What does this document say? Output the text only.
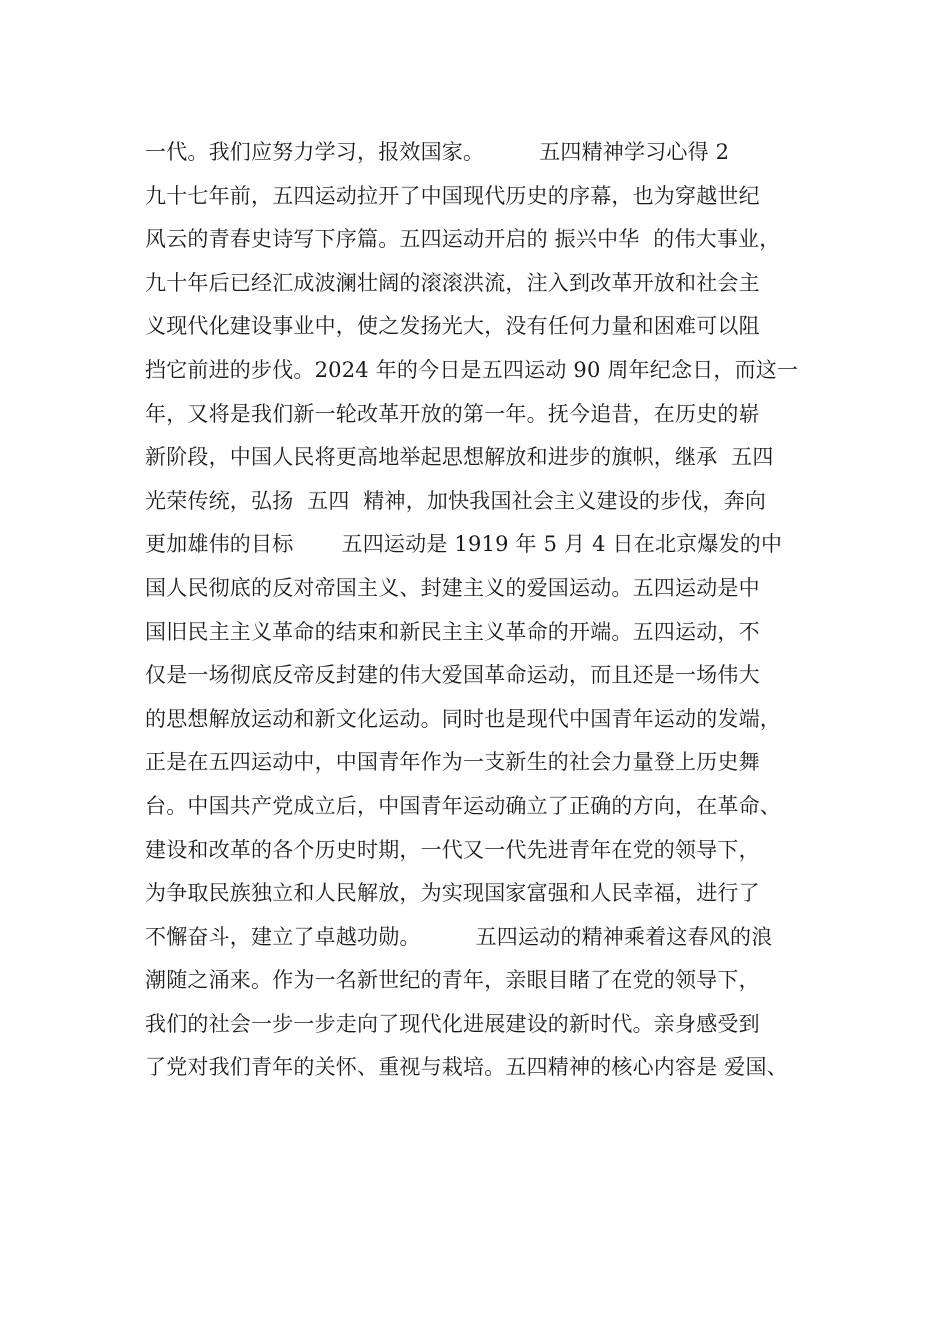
一代。我们应努力学习，报效国家。        五四精神学习心得 2
九十七年前，五四运动拉开了中国现代历史的序幕，也为穿越世纪
风云的青春史诗写下序篇。五四运动开启的 振兴中华  的伟大事业，
九十年后已经汇成波澜壮阔的滚滚洪流，注入到改革开放和社会主
义现代化建设事业中，使之发扬光大，没有任何力量和困难可以阻
挡它前进的步伐。2024 年的今日是五四运动 90 周年纪念日，而这一
年，又将是我们新一轮改革开放的第一年。抚今追昔，在历史的崭
新阶段，中国人民将更高地举起思想解放和进步的旗帜，继承  五四
光荣传统，弘扬  五四  精神，加快我国社会主义建设的步伐，奔向
更加雄伟的目标       五四运动是 1919 年 5 月 4 日在北京爆发的中
国人民彻底的反对帝国主义、封建主义的爱国运动。五四运动是中
国旧民主主义革命的结束和新民主主义革命的开端。五四运动，不
仅是一场彻底反帝反封建的伟大爱国革命运动，而且还是一场伟大
的思想解放运动和新文化运动。同时也是现代中国青年运动的发端，
正是在五四运动中，中国青年作为一支新生的社会力量登上历史舞
台。中国共产党成立后，中国青年运动确立了正确的方向，在革命、
建设和改革的各个历史时期，一代又一代先进青年在党的领导下，
为争取民族独立和人民解放，为实现国家富强和人民幸福，进行了
不懈奋斗，建立了卓越功勋。        五四运动的精神乘着这春风的浪
潮随之涌来。作为一名新世纪的青年，亲眼目睹了在党的领导下，
我们的社会一步一步走向了现代化进展建设的新时代。亲身感受到
了党对我们青年的关怀、重视与栽培。五四精神的核心内容是 爱国、
